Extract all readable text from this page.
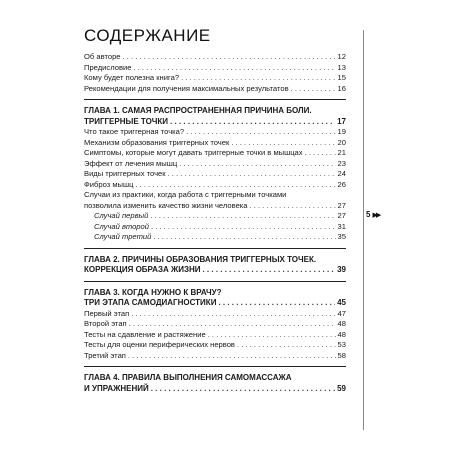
СОДЕРЖАНИЕ
Об авторе . . .	12
Предисловие . . .	13
Кому будет полезна книга? . . .	15
Рекомендации для получения максимальных результатов . . .	16
ГЛАВА 1. САМАЯ РАСПРОСТРАНЕННАЯ ПРИЧИНА БОЛИ.
ТРИГГЕРНЫЕ ТОЧКИ . . .	17
Что такое триггерная точка? . . .	19
Механизм образования триггерных точек . . .	20
Симптомы, которые могут давать триггерные точки в мышцах . . .	21
Эффект от лечения мышц . . .	23
Виды триггерных точек . . .	24
Фиброз мышц . . .	26
Случаи из практики, когда работа с триггерными точками
позволила изменить качество жизни человека . . .	27
Случай первый . . .	27
Случай второй . . .	31
Случай третий . . .	35
ГЛАВА 2. ПРИЧИНЫ ОБРАЗОВАНИЯ ТРИГГЕРНЫХ ТОЧЕК.
КОРРЕКЦИЯ ОБРАЗА ЖИЗНИ . . .	39
ГЛАВА 3. КОГДА НУЖНО К ВРАЧУ?
ТРИ ЭТАПА САМОДИАГНОСТИКИ . . .	45
Первый этап . . .	47
Второй этап . . .	48
Тесты на сдавление и растяжение . . .	48
Тесты для оценки периферических нервов . . .	53
Третий этап . . .	58
ГЛАВА 4. ПРАВИЛА ВЫПОЛНЕНИЯ САМОМАССАЖА
И УПРАЖНЕНИЙ . . .	59
5 ▶▶
